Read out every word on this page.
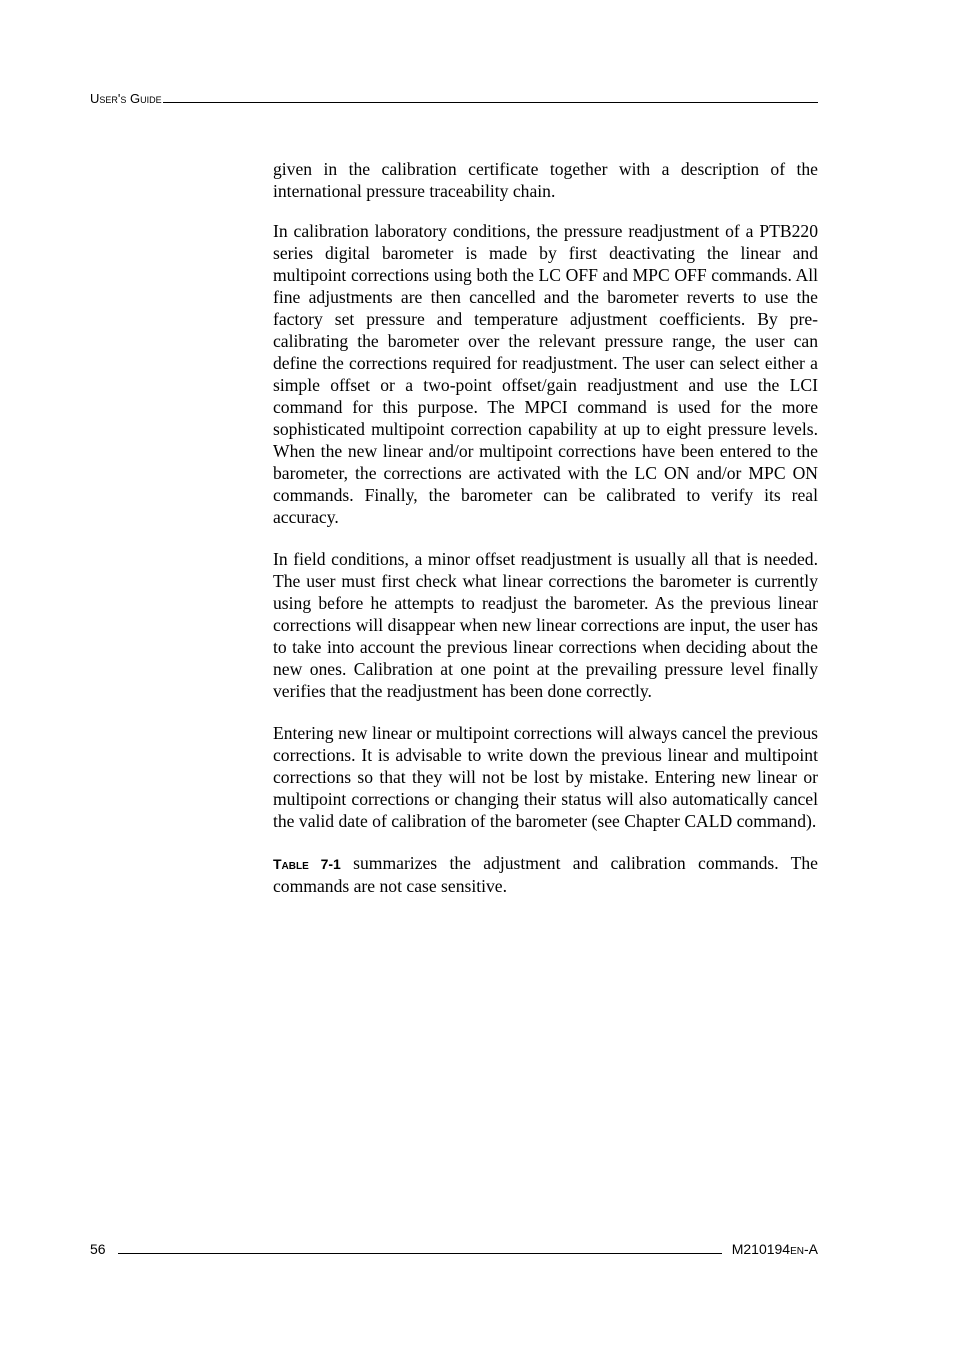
User's Guide

given in the calibration certificate together with a description of the international pressure traceability chain.

In calibration laboratory conditions, the pressure readjustment of a PTB220 series digital barometer is made by first deactivating the linear and multipoint corrections using both the LC OFF and MPC OFF commands. All fine adjustments are then cancelled and the barometer reverts to use the factory set pressure and temperature adjustment coefficients. By pre-calibrating the barometer over the relevant pressure range, the user can define the corrections required for readjustment. The user can select either a simple offset or a two-point offset/gain readjustment and use the LCI command for this purpose. The MPCI command is used for the more sophisticated multipoint correction capability at up to eight pressure levels. When the new linear and/or multipoint corrections have been entered to the barometer, the corrections are activated with the LC ON and/or MPC ON commands. Finally, the barometer can be calibrated to verify its real accuracy.

In field conditions, a minor offset readjustment is usually all that is needed. The user must first check what linear corrections the barometer is currently using before he attempts to readjust the barometer. As the previous linear corrections will disappear when new linear corrections are input, the user has to take into account the previous linear corrections when deciding about the new ones. Calibration at one point at the prevailing pressure level finally verifies that the readjustment has been done correctly.

Entering new linear or multipoint corrections will always cancel the previous corrections. It is advisable to write down the previous linear and multipoint corrections so that they will not be lost by mistake. Entering new linear or multipoint corrections or changing their status will also automatically cancel the valid date of calibration of the barometer (see Chapter CALD command).

Table 7-1 summarizes the adjustment and calibration commands. The commands are not case sensitive.

56	M210194en-A
